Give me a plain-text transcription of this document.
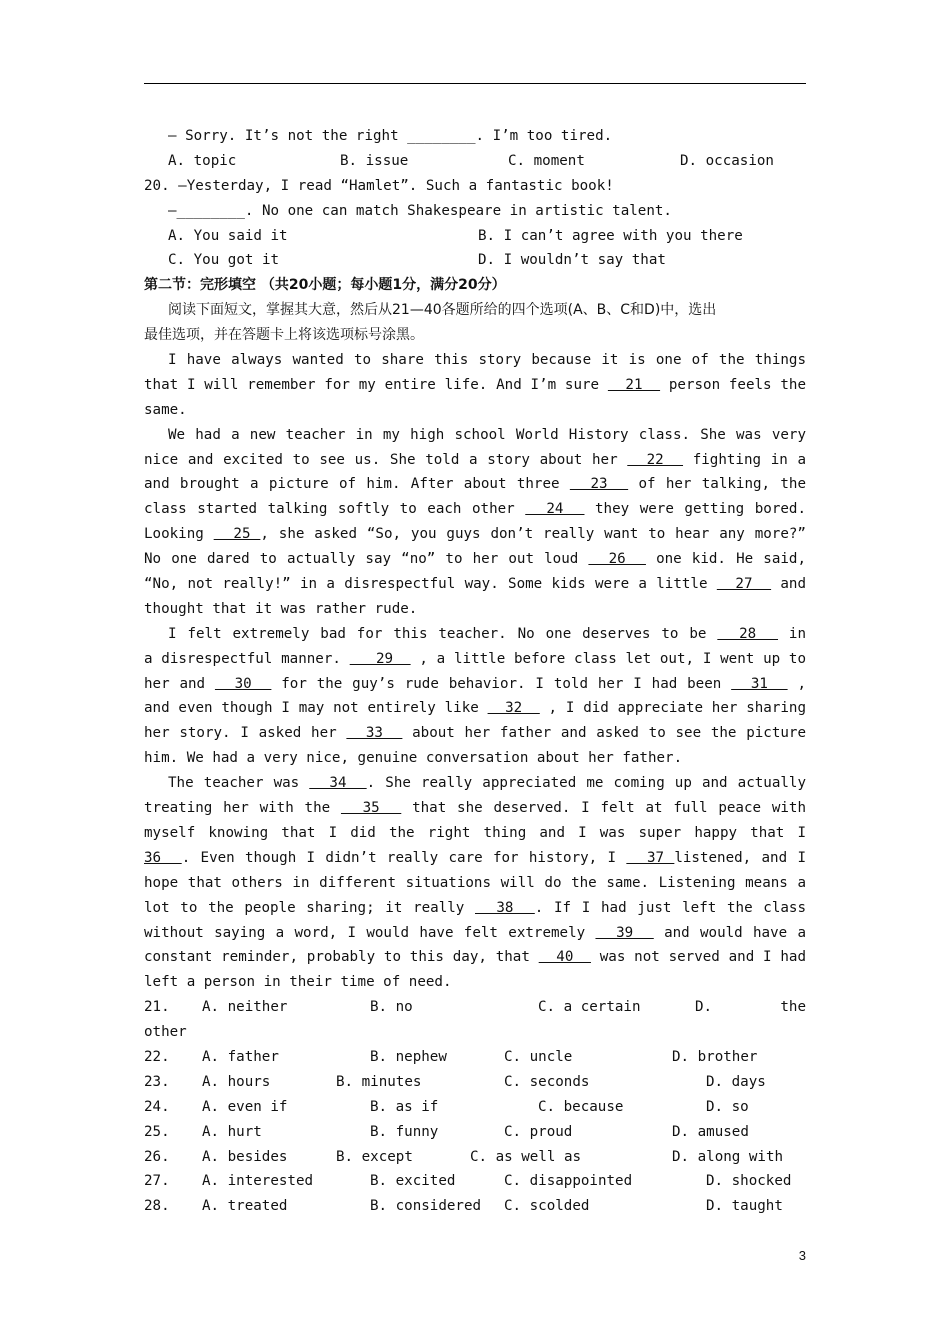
— Sorry. It’s not the right ________. I’m too tired.
A. topic	B. issue	C. moment	D. occasion
20. —Yesterday, I read “Hamlet”. Such a fantastic book!
—________. No one can match Shakespeare in artistic talent.
A. You said it	B. I can’t agree with you there
C. You got it	D. I wouldn’t say that
第二节：完形填空 （共20小题；每小题1分，满分20分）
阅读下面短文，掌握其大意，然后从21—40各题所给的四个选项(A、B、C和D)中，选出
最佳选项，并在答题卡上将该选项标号涂黑。
I have always wanted to share this story because it is one of the things
that I will remember for my entire life. And I’m sure   21   person feels the
same.
We had a new teacher in my high school World History class. She was very
nice and excited to see us. She told a story about her   22   fighting in a
and brought a picture of him. After about three   23   of her talking, the
class started talking softly to each other   24   they were getting bored.
Looking   25 , she asked “So, you guys don’t really want to hear any more?”
No one dared to actually say “no” to her out loud   26   one kid. He said,
“No, not really!” in a disrespectful way. Some kids were a little   27   and
thought that it was rather rude.
I felt extremely bad for this teacher. No one deserves to be   28   in
a disrespectful manner.    29   , a little before class let out, I went up to
her and   30   for the guy’s rude behavior. I told her I had been   31   ,
and even though I may not entirely like   32   , I did appreciate her sharing
her story. I asked her   33   about her father and asked to see the picture
him. We had a very nice, genuine conversation about her father.
The teacher was   34  . She really appreciated me coming up and actually
treating her with the   35   that she deserved. I felt at full peace with
myself knowing that I did the right thing and I was super happy that I
36  . Even though I didn’t really care for history, I   37 listened, and I
hope that others in different situations will do the same. Listening means a
lot to the people sharing; it really   38  . If I had just left the class
without saying a word, I would have felt extremely   39   and would have a
constant reminder, probably to this day, that   40   was not served and I had
left a person in their time of need.
21. A. neither	B. no	C. a certain	D.        the
other
22. A. father	B. nephew	C. uncle	D. brother
23. A. hours	B. minutes	C. seconds	D. days
24. A. even if	B. as if	C. because	D. so
25. A. hurt	B. funny	C. proud	D. amused
26. A. besides	B. except	C. as well as	D. along with
27. A. interested	B. excited	C. disappointed	D. shocked
28. A. treated	B. considered C. scolded	D. taught
3
